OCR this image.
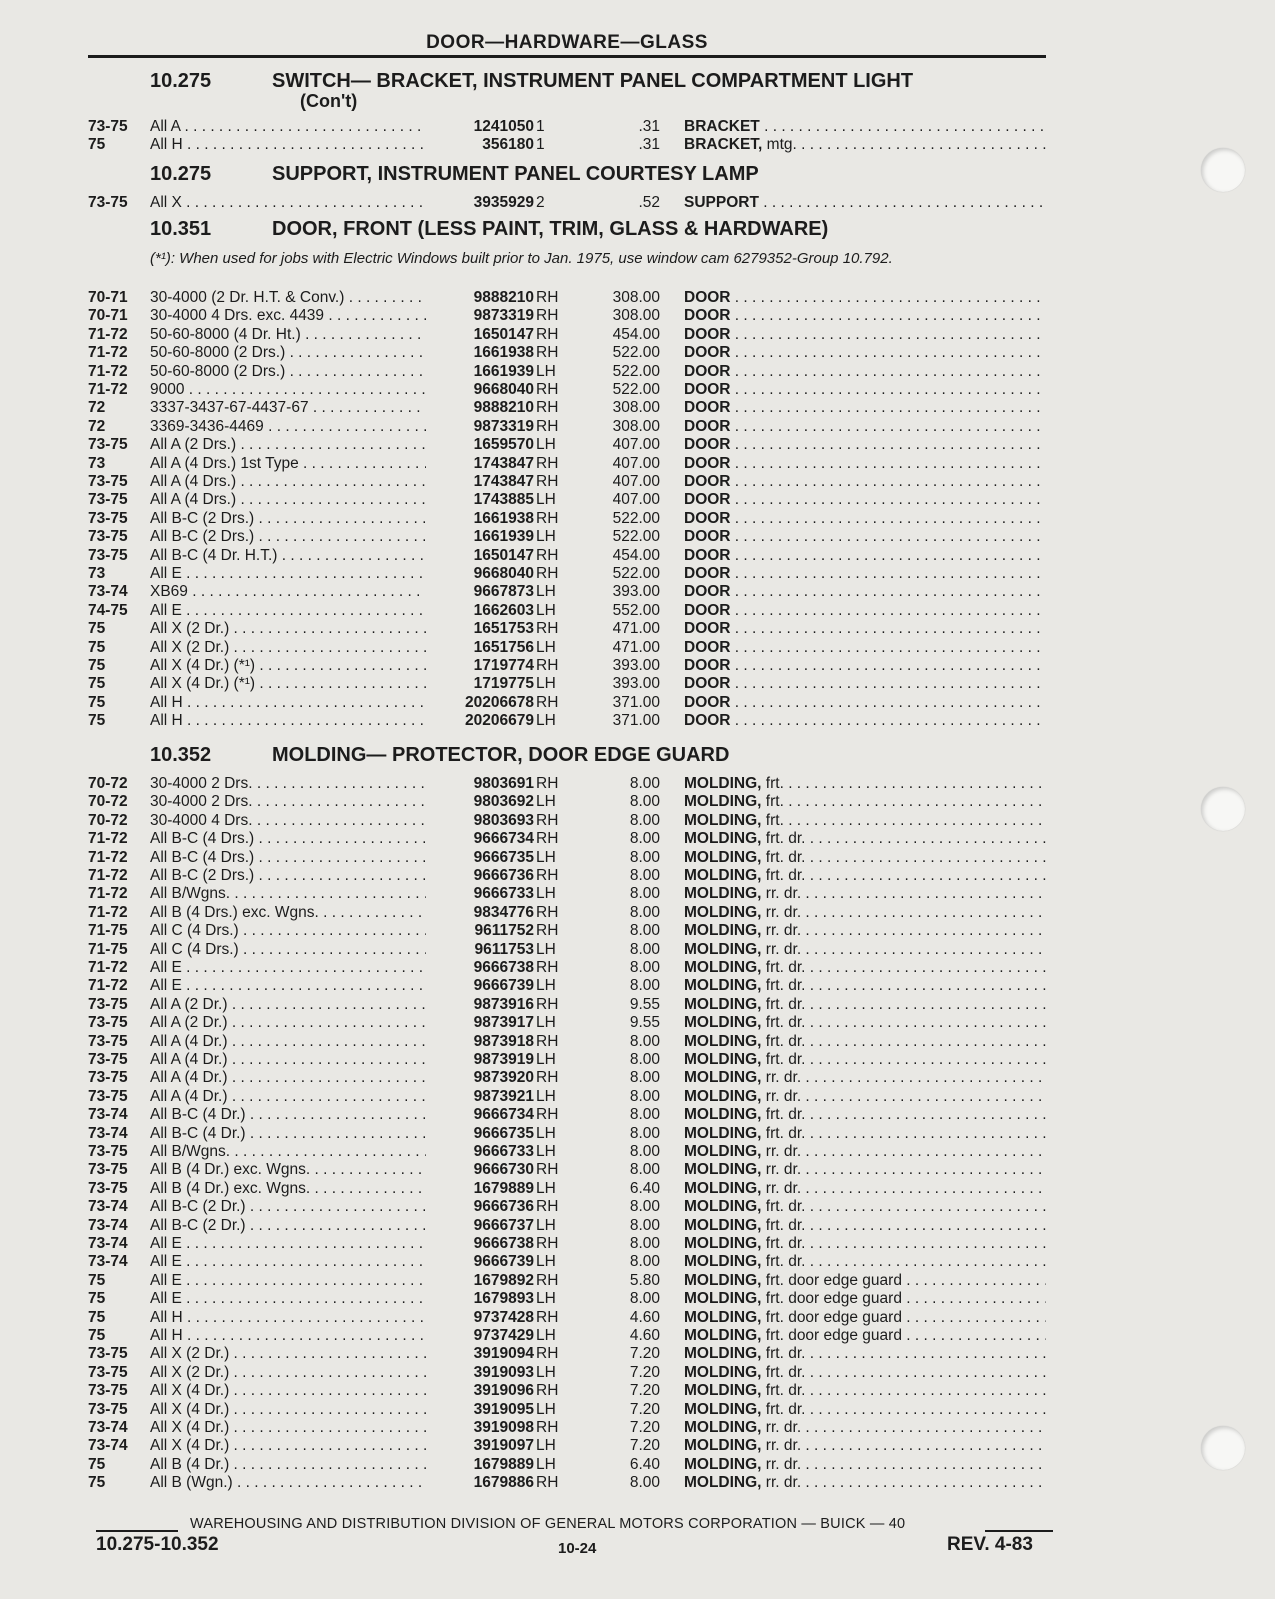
DOOR—HARDWARE—GLASS
10.275	SWITCH— BRACKET, INSTRUMENT PANEL COMPARTMENT LIGHT
(Con't)
73-75 All A . . .	1241050 1	.31 BRACKET . . .
75	All H . . .	356180 1	.31 BRACKET, mtg. . . .
10.275	SUPPORT, INSTRUMENT PANEL COURTESY LAMP
73-75 All X . . .	3935929 2	.52 SUPPORT . . .
10.351	DOOR, FRONT (LESS PAINT, TRIM, GLASS & HARDWARE)
(*¹): When used for jobs with Electric Windows built prior to Jan. 1975, use window cam 6279352-Group 10.792.
70-71 30-4000 (2 Dr. H.T. & Conv.) . . .	9888210 RH	308.00 DOOR . . .
70-71 30-4000 4 Drs. exc. 4439 . . .	9873319 RH	308.00 DOOR . . .
71-72 50-60-8000 (4 Dr. Ht.) . . .	1650147 RH	454.00 DOOR . . .
71-72 50-60-8000 (2 Drs.) . . .	1661938 RH	522.00 DOOR . . .
71-72 50-60-8000 (2 Drs.) . . .	1661939 LH	522.00 DOOR . . .
71-72 9000 . . .	9668040 RH	522.00 DOOR . . .
72	3337-3437-67-4437-67 . . .	9888210 RH	308.00 DOOR . . .
72	3369-3436-4469 . . .	9873319 RH	308.00 DOOR . . .
73-75 All A (2 Drs.) . . .	1659570 LH	407.00 DOOR . . .
73	All A (4 Drs.) 1st Type . . .	1743847 RH	407.00 DOOR . . .
73-75 All A (4 Drs.) . . .	1743847 RH	407.00 DOOR . . .
73-75 All A (4 Drs.) . . .	1743885 LH	407.00 DOOR . . .
73-75 All B-C (2 Drs.) . . .	1661938 RH	522.00 DOOR . . .
73-75 All B-C (2 Drs.) . . .	1661939 LH	522.00 DOOR . . .
73-75 All B-C (4 Dr. H.T.) . . .	1650147 RH	454.00 DOOR . . .
73	All E . . .	9668040 RH	522.00 DOOR . . .
73-74 XB69 . . .	9667873 LH	393.00 DOOR . . .
74-75 All E . . .	1662603 LH	552.00 DOOR . . .
75	All X (2 Dr.) . . .	1651753 RH	471.00 DOOR . . .
75	All X (2 Dr.) . . .	1651756 LH	471.00 DOOR . . .
75	All X (4 Dr.) (*¹) . . .	1719774 RH	393.00 DOOR . . .
75	All X (4 Dr.) (*¹) . . .	1719775 LH	393.00 DOOR . . .
75	All H . . .	20206678 RH	371.00 DOOR . . .
75	All H . . .	20206679 LH	371.00 DOOR . . .
10.352	MOLDING— PROTECTOR, DOOR EDGE GUARD
70-72 30-4000 2 Drs. . . .	9803691 RH	8.00 MOLDING, frt. . . .
70-72 30-4000 2 Drs. . . .	9803692 LH	8.00 MOLDING, frt. . . .
70-72 30-4000 4 Drs. . . .	9803693 RH	8.00 MOLDING, frt. . . .
71-72 All B-C (4 Drs.) . . .	9666734 RH	8.00 MOLDING, frt. dr. . . .
71-72 All B-C (4 Drs.) . . .	9666735 LH	8.00 MOLDING, frt. dr. . . .
71-72 All B-C (2 Drs.) . . .	9666736 RH	8.00 MOLDING, frt. dr. . . .
71-72 All B/Wgns. . . .	9666733 LH	8.00 MOLDING, rr. dr. . . .
71-72 All B (4 Drs.) exc. Wgns. . . .	9834776 RH	8.00 MOLDING, rr. dr. . . .
71-75 All C (4 Drs.) . . .	9611752 RH	8.00 MOLDING, rr. dr. . . .
71-75 All C (4 Drs.) . . .	9611753 LH	8.00 MOLDING, rr. dr. . . .
71-72 All E . . .	9666738 RH	8.00 MOLDING, frt. dr. . . .
71-72 All E . . .	9666739 LH	8.00 MOLDING, frt. dr. . . .
73-75 All A (2 Dr.) . . .	9873916 RH	9.55 MOLDING, frt. dr. . . .
73-75 All A (2 Dr.) . . .	9873917 LH	9.55 MOLDING, frt. dr. . . .
73-75 All A (4 Dr.) . . .	9873918 RH	8.00 MOLDING, frt. dr. . . .
73-75 All A (4 Dr.) . . .	9873919 LH	8.00 MOLDING, frt. dr. . . .
73-75 All A (4 Dr.) . . .	9873920 RH	8.00 MOLDING, rr. dr. . . .
73-75 All A (4 Dr.) . . .	9873921 LH	8.00 MOLDING, rr. dr. . . .
73-74 All B-C (4 Dr.) . . .	9666734 RH	8.00 MOLDING, frt. dr. . . .
73-74 All B-C (4 Dr.) . . .	9666735 LH	8.00 MOLDING, frt. dr. . . .
73-75 All B/Wgns. . . .	9666733 LH	8.00 MOLDING, rr. dr. . . .
73-75 All B (4 Dr.) exc. Wgns. . . .	9666730 RH	8.00 MOLDING, rr. dr. . . .
73-75 All B (4 Dr.) exc. Wgns. . . .	1679889 LH	6.40 MOLDING, rr. dr. . . .
73-74 All B-C (2 Dr.) . . .	9666736 RH	8.00 MOLDING, frt. dr. . . .
73-74 All B-C (2 Dr.) . . .	9666737 LH	8.00 MOLDING, frt. dr. . . .
73-74 All E . . .	9666738 RH	8.00 MOLDING, frt. dr. . . .
73-74 All E . . .	9666739 LH	8.00 MOLDING, frt. dr. . . .
75	All E . . .	1679892 RH	5.80 MOLDING, frt. door edge guard . . .
75	All E . . .	1679893 LH	8.00 MOLDING, frt. door edge guard . . .
75	All H . . .	9737428 RH	4.60 MOLDING, frt. door edge guard . . .
75	All H . . .	9737429 LH	4.60 MOLDING, frt. door edge guard . . .
73-75 All X (2 Dr.) . . .	3919094 RH	7.20 MOLDING, frt. dr. . . .
73-75 All X (2 Dr.) . . .	3919093 LH	7.20 MOLDING, frt. dr. . . .
73-75 All X (4 Dr.) . . .	3919096 RH	7.20 MOLDING, frt. dr. . . .
73-75 All X (4 Dr.) . . .	3919095 LH	7.20 MOLDING, frt. dr. . . .
73-74 All X (4 Dr.) . . .	3919098 RH	7.20 MOLDING, rr. dr. . . .
73-74 All X (4 Dr.) . . .	3919097 LH	7.20 MOLDING, rr. dr. . . .
75	All B (4 Dr.) . . .	1679889 LH	6.40 MOLDING, rr. dr. . . .
75	All B (Wgn.) . . .	1679886 RH	8.00 MOLDING, rr. dr. . . .
WAREHOUSING AND DISTRIBUTION DIVISION OF GENERAL MOTORS CORPORATION — BUICK — 40
10.275-10.352	10-24	REV. 4-83
